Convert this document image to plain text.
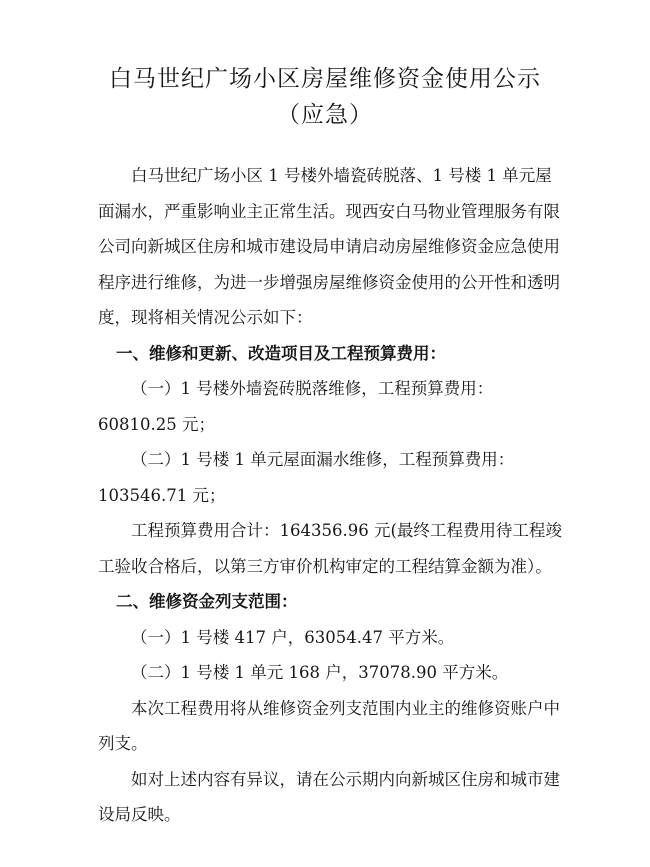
白马世纪广场小区房屋维修资金使用公示
（应急）

白马世纪广场小区 1 号楼外墙瓷砖脱落、1 号楼 1 单元屋面漏水，严重影响业主正常生活。现西安白马物业管理服务有限公司向新城区住房和城市建设局申请启动房屋维修资金应急使用程序进行维修，为进一步增强房屋维修资金使用的公开性和透明度，现将相关情况公示如下：

一、维修和更新、改造项目及工程预算费用：

（一）1 号楼外墙瓷砖脱落维修，工程预算费用：60810.25 元；

（二）1 号楼 1 单元屋面漏水维修，工程预算费用：103546.71 元；

工程预算费用合计：164356.96 元(最终工程费用待工程竣工验收合格后，以第三方审价机构审定的工程结算金额为准）。

二、维修资金列支范围：

（一）1 号楼 417 户，63054.47 平方米。

（二）1 号楼 1 单元 168 户，37078.90 平方米。

本次工程费用将从维修资金列支范围内业主的维修资账户中列支。

如对上述内容有异议，请在公示期内向新城区住房和城市建设局反映。
